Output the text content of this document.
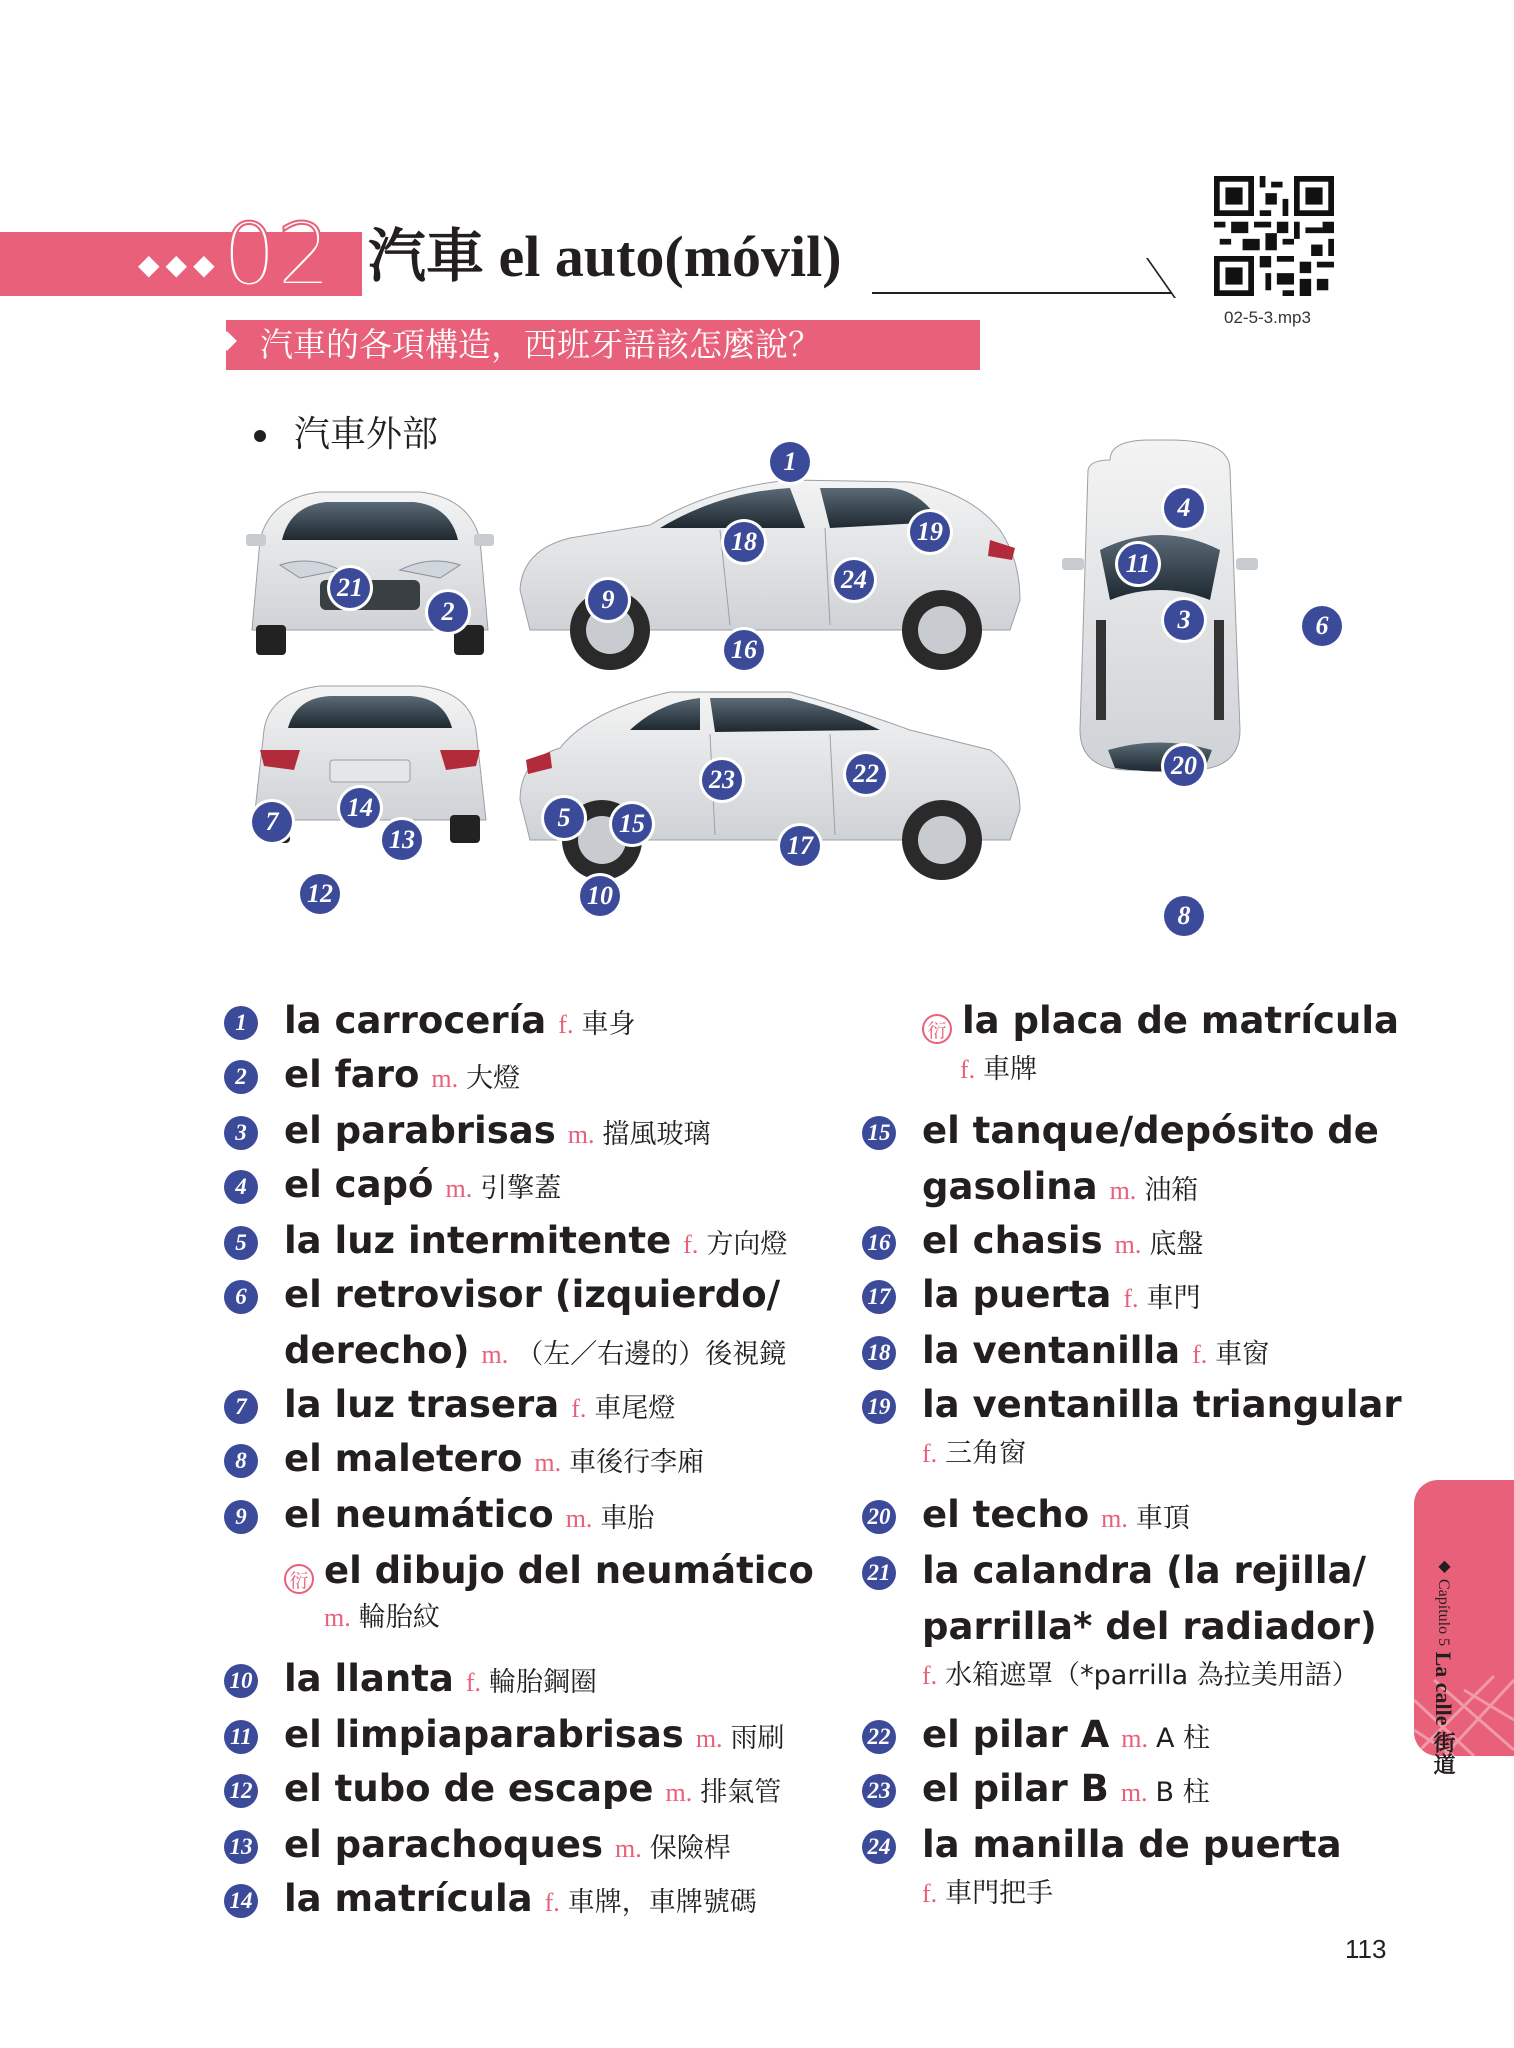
◆◆◆ 02 汽車 el auto(móvil)
02-5-3.mp3
汽車的各項構造，西班牙語該怎麼說？
汽車外部
1
2	3
4
5
6
7
8
9
10
11
12
13
14
15
16
17
18	19
20
21
22
23
24
1	la carrocería f. 車身
2	el faro m. 大燈
3	el parabrisas m. 擋風玻璃
4	el capó m. 引擎蓋
5	la luz intermitente f. 方向燈
6	el retrovisor (izquierdo/
derecho) m. （左／右邊的）後視鏡
7	la luz trasera f. 車尾燈
8	el maletero m. 車後行李廂
9	el neumático m. 車胎
衍 el dibujo del neumático
m. 輪胎紋
10 la llanta f. 輪胎鋼圈
11 el limpiaparabrisas m. 雨刷
12 el tubo de escape m. 排氣管
13 el parachoques m. 保險桿
14 la matrícula f. 車牌，車牌號碼
衍 la placa de matrícula
f. 車牌
15 el tanque/depósito de
gasolina m. 油箱
16 el chasis m. 底盤
17 la puerta f. 車門
18 la ventanilla f. 車窗
19 la ventanilla triangular
f. 三角窗
20 el techo m. 車頂
21 la calandra (la rejilla/
parrilla* del radiador)
f. 水箱遮罩（*parrilla 為拉美用語）
22 el pilar A m. A 柱
23 el pilar B m. B 柱
24 la manilla de puerta
f. 車門把手
◆ Capítulo 5 La calle 街道
113
